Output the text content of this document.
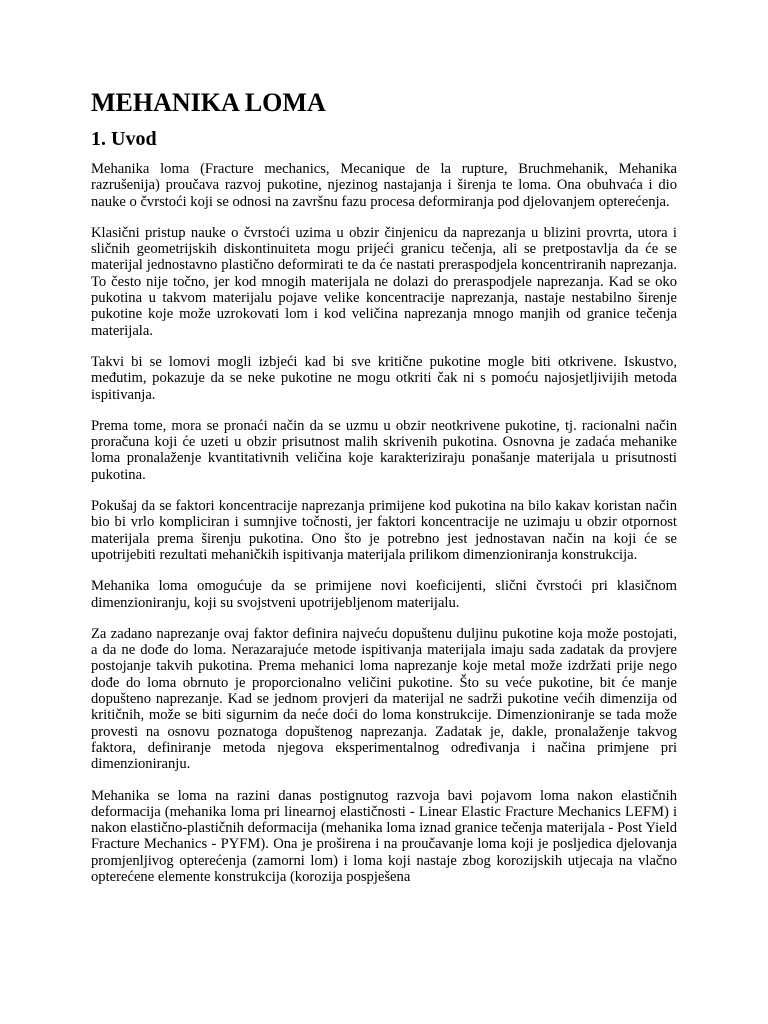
MEHANIKA LOMA
1. Uvod

Mehanika loma (Fracture mechanics, Mecanique de la rupture, Bruchmehanik, Mehanika razrušenija) proučava razvoj pukotine, njezinog nastajanja i širenja te loma. Ona obuhvaća i dio nauke o čvrstoći koji se odnosi na završnu fazu procesa deformiranja pod djelovanjem opterećenja.

Klasični pristup nauke o čvrstoći uzima u obzir činjenicu da naprezanja u blizini provrta, utora i sličnih geometrijskih diskontinuiteta mogu prijeći granicu tečenja, ali se pretpostavlja da će se materijal jednostavno plastično deformirati te da će nastati preraspodjela koncentriranih naprezanja. To često nije točno, jer kod mnogih materijala ne dolazi do preraspodjele naprezanja. Kad se oko pukotina u takvom materijalu pojave velike koncentracije naprezanja, nastaje nestabilno širenje pukotine koje može uzrokovati lom i kod veličina naprezanja mnogo manjih od granice tečenja materijala.

Takvi bi se lomovi mogli izbjeći kad bi sve kritične pukotine mogle biti otkrivene. Iskustvo, međutim, pokazuje da se neke pukotine ne mogu otkriti čak ni s pomoću najosjetljivijih metoda ispitivanja.

Prema tome, mora se pronaći način da se uzmu u obzir neotkrivene pukotine, tj. racionalni način proračuna koji će uzeti u obzir prisutnost malih skrivenih pukotina. Osnovna je zadaća mehanike loma pronalaženje kvantitativnih veličina koje karakteriziraju ponašanje materijala u prisutnosti pukotina.

Pokušaj da se faktori koncentracije naprezanja primijene kod pukotina na bilo kakav koristan način bio bi vrlo kompliciran i sumnjive točnosti, jer faktori koncentracije ne uzimaju u obzir otpornost materijala prema širenju pukotina. Ono što je potrebno jest jednostavan način na koji će se upotrijebiti rezultati mehaničkih ispitivanja materijala prilikom dimenzioniranja konstrukcija.

Mehanika loma omogućuje da se primijene novi koeficijenti, slični čvrstoći pri klasičnom dimenzioniranju, koji su svojstveni upotrijebljenom materijalu.

Za zadano naprezanje ovaj faktor definira najveću dopuštenu duljinu pukotine koja može postojati, a da ne dođe do loma. Nerazarajuće metode ispitivanja materijala imaju sada zadatak da provjere postojanje takvih pukotina. Prema mehanici loma naprezanje koje metal može izdržati prije nego dođe do loma obrnuto je proporcionalno veličini pukotine. Što su veće pukotine, bit će manje dopušteno naprezanje. Kad se jednom provjeri da materijal ne sadrži pukotine većih dimenzija od kritičnih, može se biti sigurnim da neće doći do loma konstrukcije. Dimenzioniranje se tada može provesti na osnovu poznatoga dopuštenog naprezanja. Zadatak je, dakle, pronalaženje takvog faktora, definiranje metoda njegova eksperimentalnog određivanja i načina primjene pri dimenzioniranju.

Mehanika se loma na razini danas postignutog razvoja bavi pojavom loma nakon elastičnih deformacija (mehanika loma pri linearnoj elastičnosti - Linear Elastic Fracture Mechanics LEFM) i nakon elastično-plastičnih deformacija (mehanika loma iznad granice tečenja materijala - Post Yield Fracture Mechanics - PYFM). Ona je proširena i na proučavanje loma koji je posljedica djelovanja promjenljivog opterećenja (zamorni lom) i loma koji nastaje zbog korozijskih utjecaja na vlačno opterećene elemente konstrukcija (korozija pospješena
